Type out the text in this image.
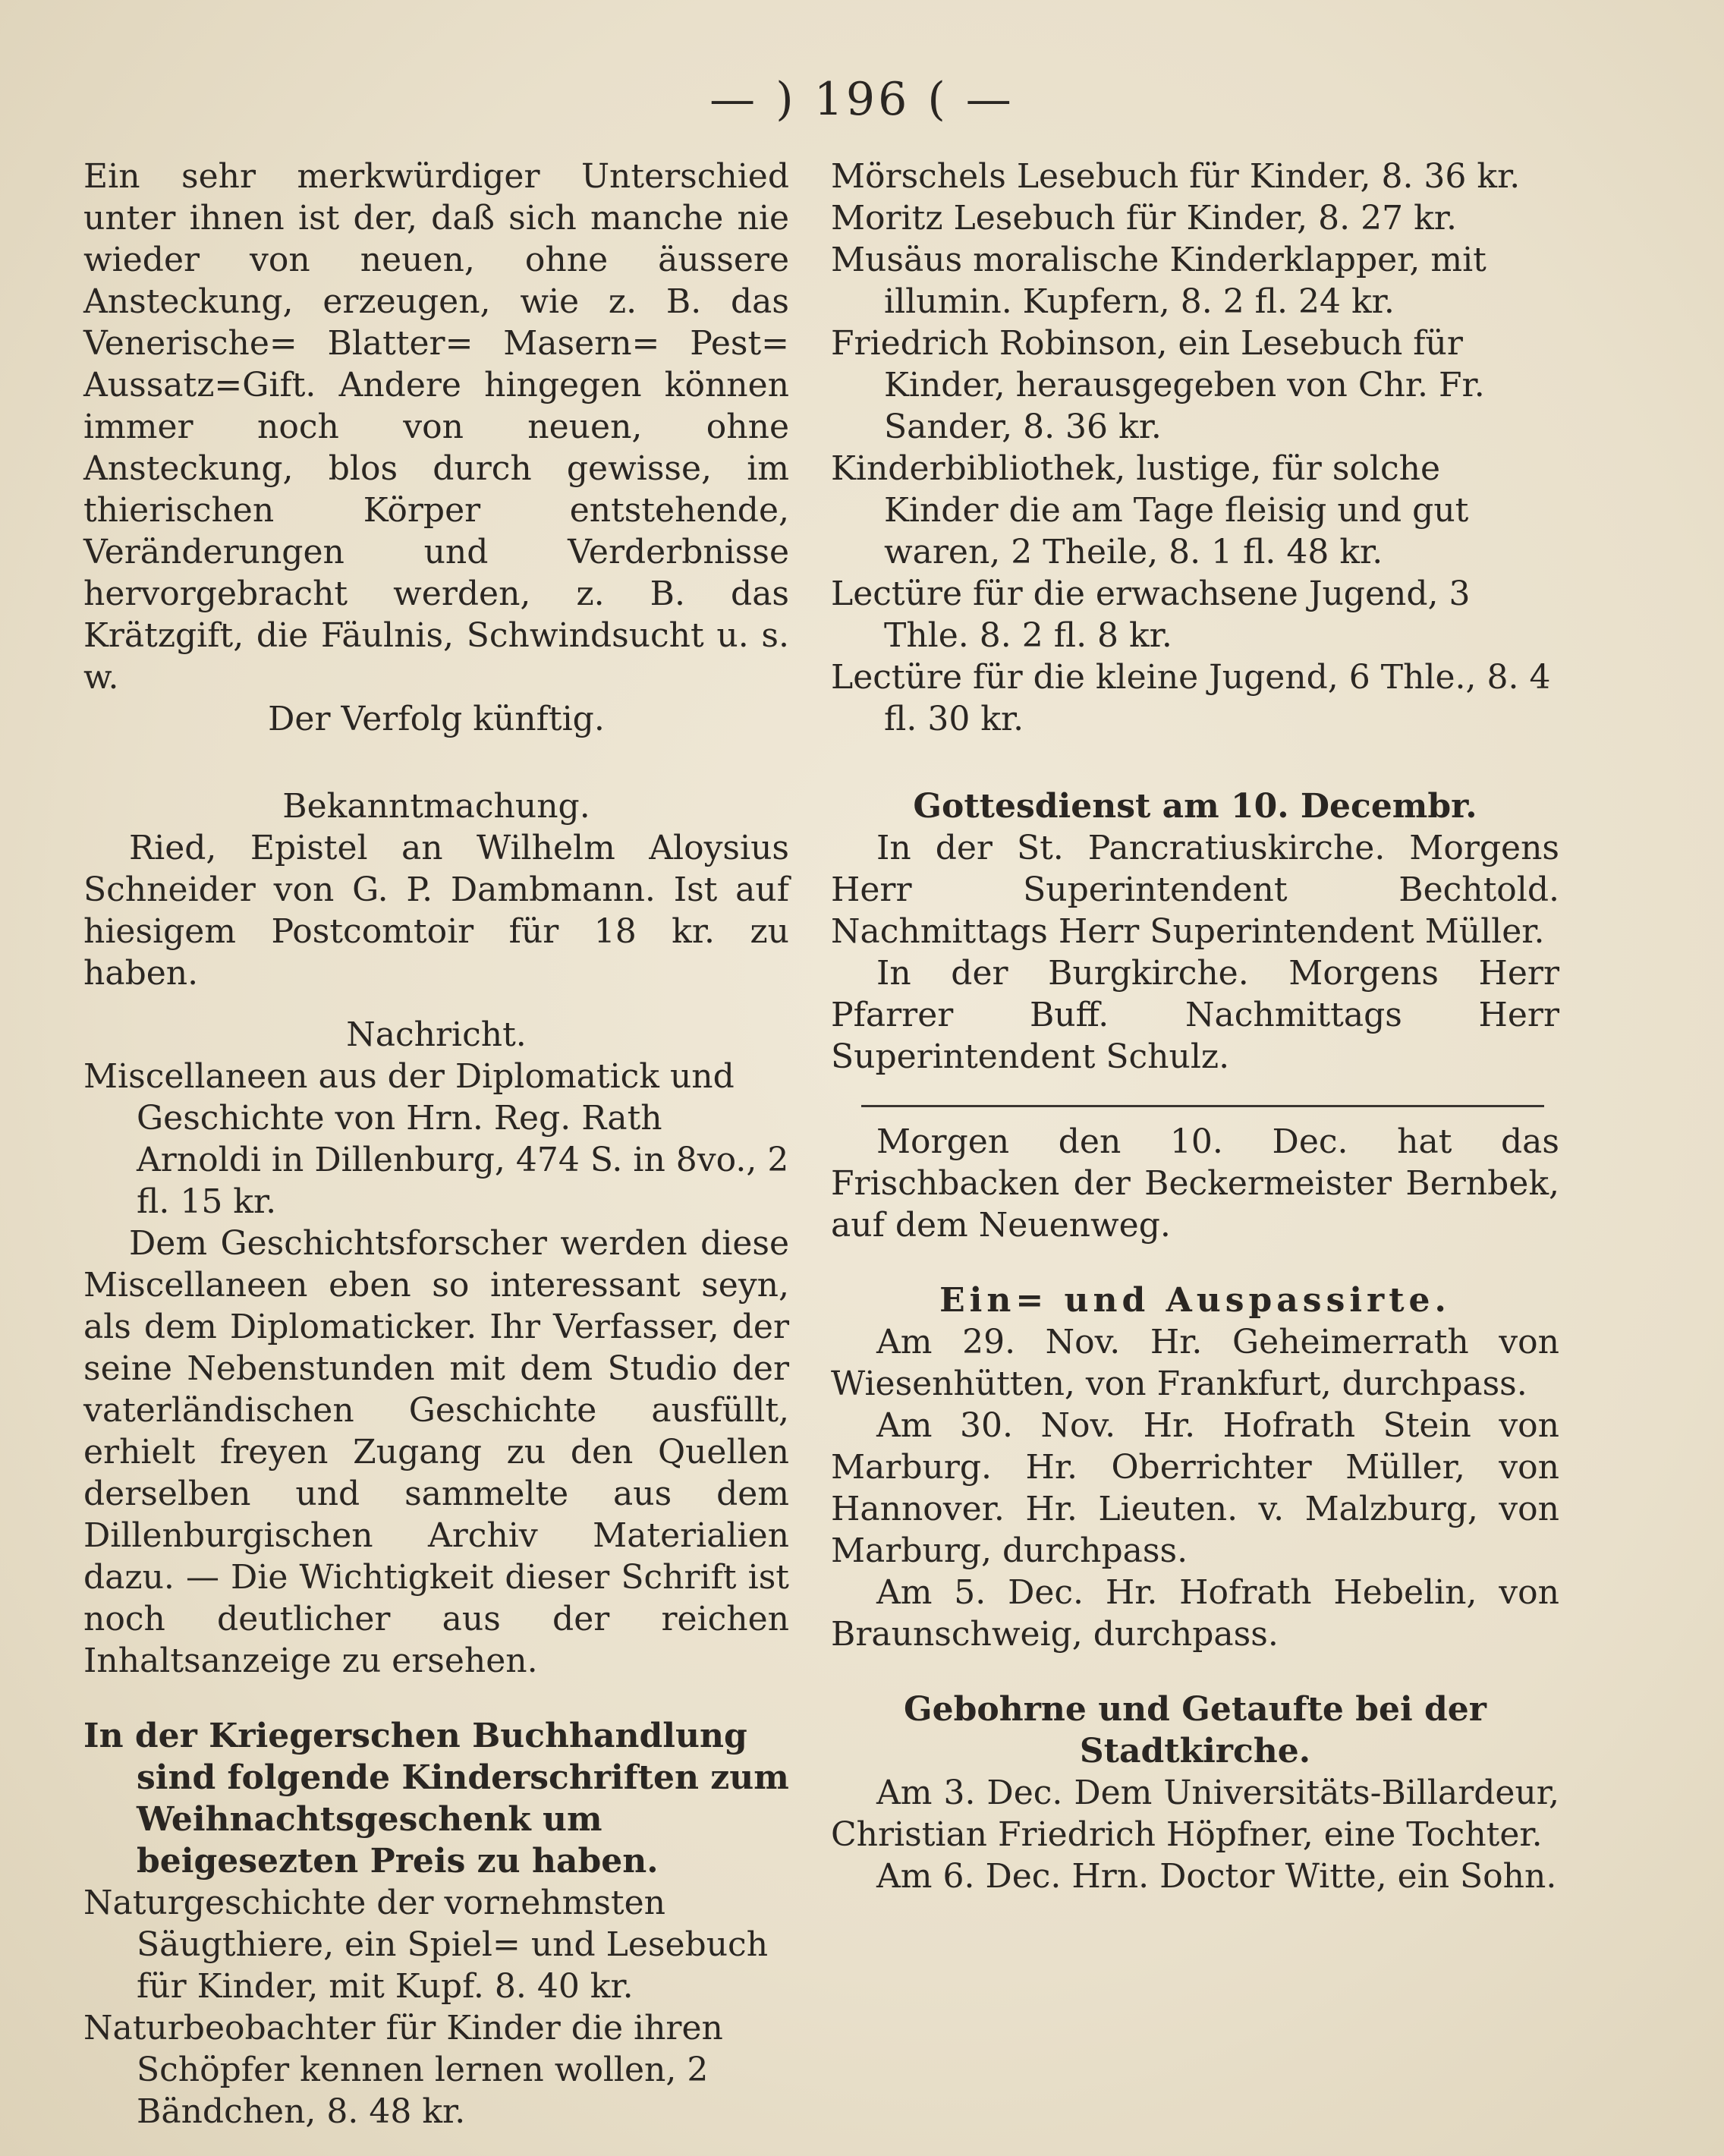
— ) 196 ( —

Ein sehr merkwürdiger Unterschied unter ihnen ist der, daß sich manche nie wieder von neuen, ohne äussere Ansteckung, erzeugen, wie z. B. das Venerische= Blatter= Masern= Pest= Aussatz=Gift. Andere hingegen können immer noch von neuen, ohne Ansteckung, blos durch gewisse, im thierischen Körper entstehende, Veränderungen und Verderbnisse hervorgebracht werden, z. B. das Krätzgift, die Fäulnis, Schwindsucht u. s. w.

Der Verfolg künftig.

Bekanntmachung.

Ried, Epistel an Wilhelm Aloysius Schneider von G. P. Dambmann. Ist auf hiesigem Postcomtoir für 18 kr. zu haben.

Nachricht.

Miscellaneen aus der Diplomatick und Geschichte von Hrn. Reg. Rath Arnoldi in Dillenburg, 474 S. in 8vo., 2 fl. 15 kr.

Dem Geschichtsforscher werden diese Miscellaneen eben so interessant seyn, als dem Diplomaticker. Ihr Verfasser, der seine Nebenstunden mit dem Studio der vaterländischen Geschichte ausfüllt, erhielt freyen Zugang zu den Quellen derselben und sammelte aus dem Dillenburgischen Archiv Materialien dazu. — Die Wichtigkeit dieser Schrift ist noch deutlicher aus der reichen Inhaltsanzeige zu ersehen.

In der Kriegerschen Buchhandlung sind folgende Kinderschriften zum Weihnachtsgeschenk um beigesezten Preis zu haben.

Naturgeschichte der vornehmsten Säugthiere, ein Spiel= und Lesebuch für Kinder, mit Kupf. 8. 40 kr.

Naturbeobachter für Kinder die ihren Schöpfer kennen lernen wollen, 2 Bändchen, 8. 48 kr.

Mörschels Lesebuch für Kinder, 8. 36 kr.

Moritz Lesebuch für Kinder, 8. 27 kr.

Musäus moralische Kinderklapper, mit illumin. Kupfern, 8. 2 fl. 24 kr.

Friedrich Robinson, ein Lesebuch für Kinder, herausgegeben von Chr. Fr. Sander, 8. 36 kr.

Kinderbibliothek, lustige, für solche Kinder die am Tage fleisig und gut waren, 2 Theile, 8. 1 fl. 48 kr.

Lectüre für die erwachsene Jugend, 3 Thle. 8. 2 fl. 8 kr.

Lectüre für die kleine Jugend, 6 Thle., 8. 4 fl. 30 kr.

Gottesdienst am 10. Decembr.

In der St. Pancratiuskirche. Morgens Herr Superintendent Bechtold. Nachmittags Herr Superintendent Müller.

In der Burgkirche. Morgens Herr Pfarrer Buff. Nachmittags Herr Superintendent Schulz.

Morgen den 10. Dec. hat das Frischbacken der Beckermeister Bernbek, auf dem Neuenweg.

Ein= und Auspassirte.

Am 29. Nov. Hr. Geheimerrath von Wiesenhütten, von Frankfurt, durchpass.

Am 30. Nov. Hr. Hofrath Stein von Marburg. Hr. Oberrichter Müller, von Hannover. Hr. Lieuten. v. Malzburg, von Marburg, durchpass.

Am 5. Dec. Hr. Hofrath Hebelin, von Braunschweig, durchpass.

Gebohrne und Getaufte bei der Stadtkirche.

Am 3. Dec. Dem Universitäts-Billardeur, Christian Friedrich Höpfner, eine Tochter.

Am 6. Dec. Hrn. Doctor Witte, ein Sohn.
